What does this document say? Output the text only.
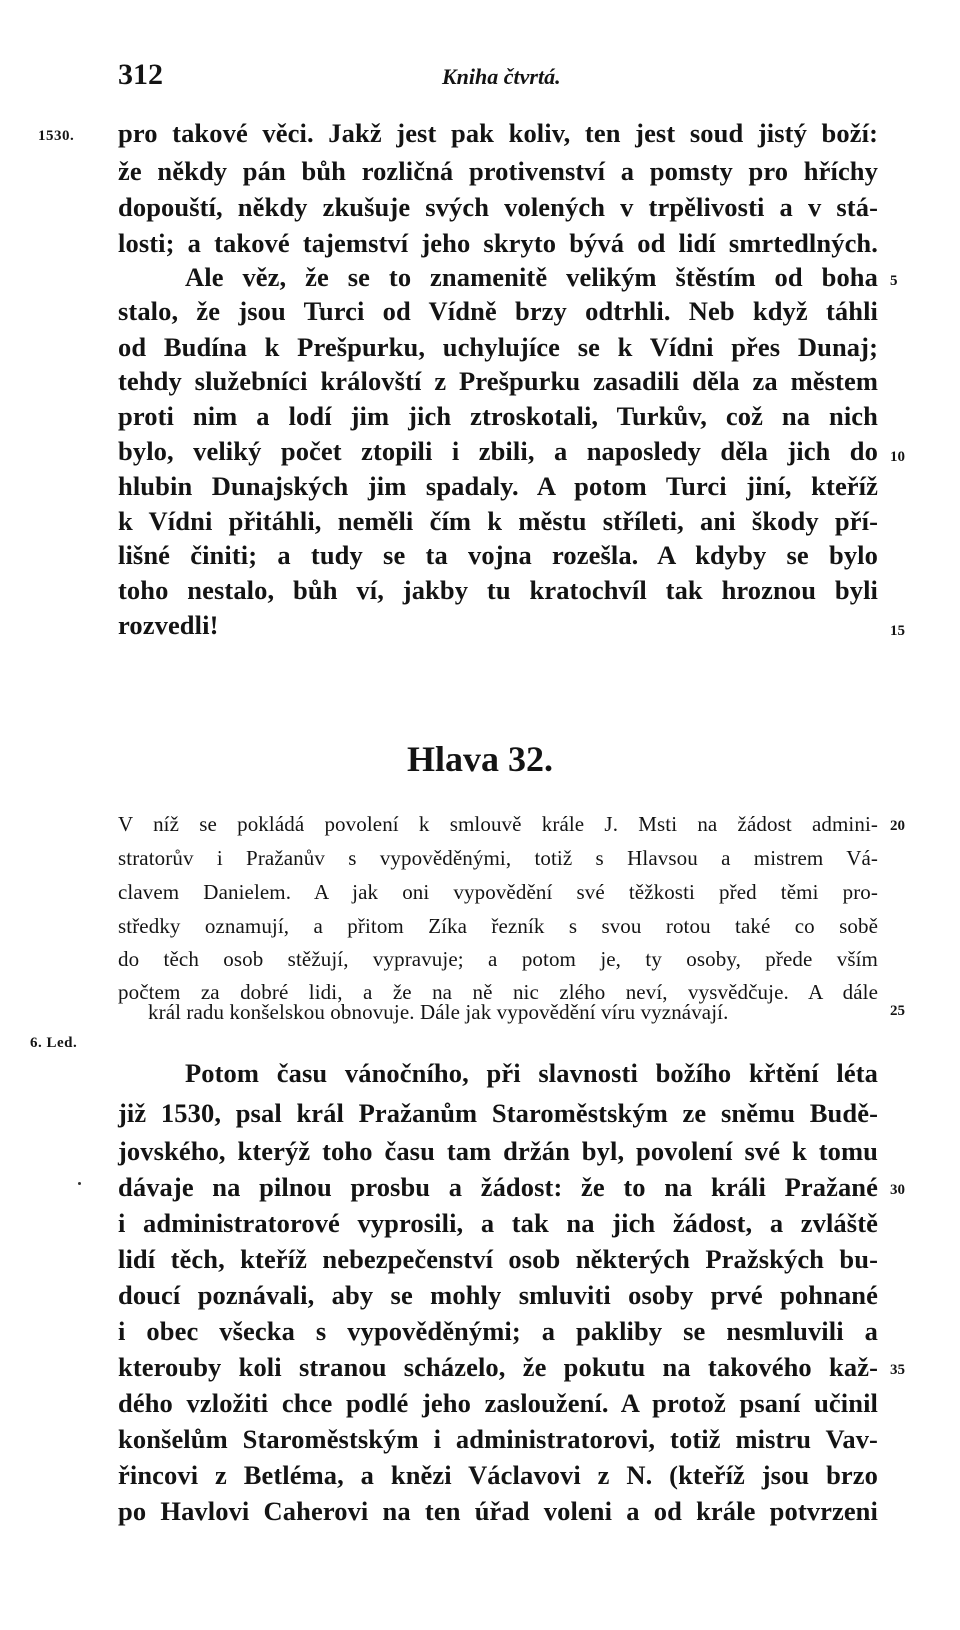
312	Kniha čtvrtá.
1530.
6. Led.
pro takové věci. Jakž jest pak koliv, ten jest soud jistý boží:
že někdy pán bůh rozličná protivenství a pomsty pro hříchy
dopouští, někdy zkušuje svých volených v trpělivosti a v stá-
losti; a takové tajemství jeho skryto bývá od lidí smrtedlných.
Ale věz, že se to znamenitě velikým štěstím od boha
stalo, že jsou Turci od Vídně brzy odtrhli. Neb když táhli
od Budína k Prešpurku, uchylujíce se k Vídni přes Dunaj;
tehdy služebníci královští z Prešpurku zasadili děla za městem
proti nim a lodí jim jich ztroskotali, Turkův, což na nich
bylo, veliký počet ztopili i zbili, a naposledy děla jich do
hlubin Dunajských jim spadaly. A potom Turci jiní, kteříž
k Vídni přitáhli, neměli čím k městu stříleti, ani škody pří-
lišné činiti; a tudy se ta vojna rozešla. A kdyby se bylo
toho nestalo, bůh ví, jakby tu kratochvíl tak hroznou byli
rozvedli!
Hlava 32.
V níž se pokládá povolení k smlouvě krále J. Msti na žádost admini-
stratorův i Pražanův s vypověděnými, totiž s Hlavsou a mistrem Vá-
clavem Danielem. A jak oni vypovědění své těžkosti před těmi pro-
středky oznamují, a přitom Zíka řezník s svou rotou také co sobě
do těch osob stěžují, vypravuje; a potom je, ty osoby, přede vším
počtem za dobré lidi, a že na ně nic zlého neví, vysvědčuje. A dále
král radu konšelskou obnovuje. Dále jak vypovědění víru vyznávají.
Potom času vánočního, při slavnosti božího křtění léta
již 1530, psal král Pražanům Staroměstským ze sněmu Budě-
jovského, kterýž toho času tam držán byl, povolení své k tomu
dávaje na pilnou prosbu a žádost: že to na králi Pražané
i administratorové vyprosili, a tak na jich žádost, a zvláště
lidí těch, kteříž nebezpečenství osob některých Pražských bu-
doucí poznávali, aby se mohly smluviti osoby prvé pohnané
i obec všecka s vypověděnými; a pakliby se nesmluvili a
kterouby koli stranou scházelo, že pokutu na takového kaž-
dého vzložiti chce podlé jeho zasloužení. A protož psaní učinil
konšelům Staroměstským i administratorovi, totiž mistru Vav-
řincovi z Betléma, a knězi Václavovi z N. (kteříž jsou brzo
po Havlovi Caherovi na ten úřad voleni a od krále potvrzeni
5
10
15
20
25
30
35
